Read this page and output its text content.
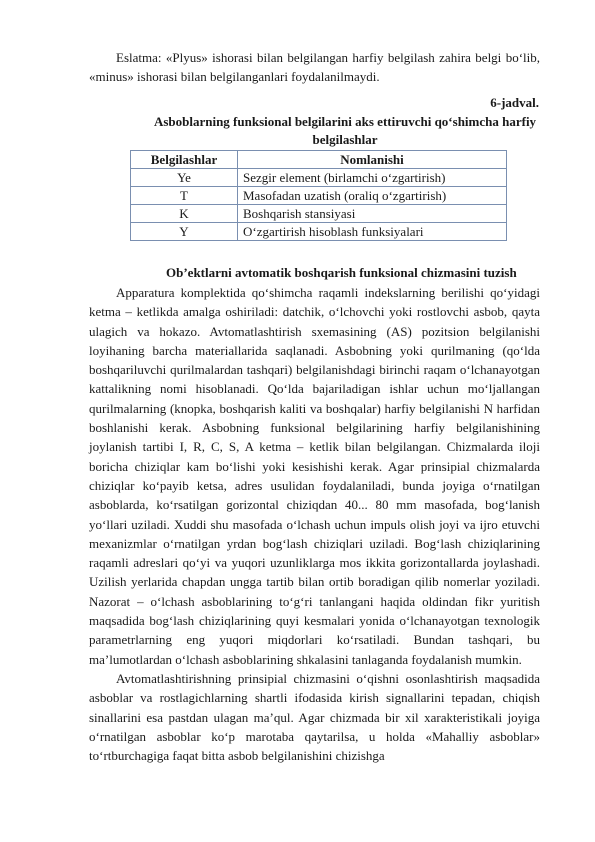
Eslatma: «Plyus» ishorasi bilan belgilangan harfiy belgilash zahira belgi bo‘lib, «minus» ishorasi bilan belgilanganlari foydalanilmaydi.

6-jadval.
Asboblarning funksional belgilarini aks ettiruvchi qo‘shimcha harfiy belgilashlar
Belgilashlar	Nomlanishi
Ye	Sezgir element (birlamchi o‘zgartirish)
T	Masofadan uzatish (oraliq o‘zgartirish)
K	Boshqarish stansiyasi
Y	O‘zgartirish hisoblash funksiyalari
Ob’ektlarni avtomatik boshqarish funksional chizmasini tuzish

Apparatura komplektida qo‘shimcha raqamli indekslarning berilishi qo‘yidagi ketma – ketlikda amalga oshiriladi: datchik, o‘lchovchi yoki rostlovchi asbob, qayta ulagich va hokazo. Avtomatlashtirish sxemasining (AS) pozitsion belgilanishi loyihaning barcha materiallarida saqlanadi. Asbobning yoki qurilmaning (qo‘lda boshqariluvchi qurilmalardan tashqari) belgilanishdagi birinchi raqam o‘lchanayotgan kattalikning nomi hisoblanadi. Qo‘lda bajariladigan ishlar uchun mo‘ljallangan qurilmalarning (knopka, boshqarish kaliti va boshqalar) harfiy belgilanishi N harfidan boshlanishi kerak. Asbobning funksional belgilarining harfiy belgilanishining joylanish tartibi I, R, C, S, A ketma – ketlik bilan belgilangan. Chizmalarda iloji boricha chiziqlar kam bo‘lishi yoki kesishishi kerak. Agar prinsipial chizmalarda chiziqlar ko‘payib ketsa, adres usulidan foydalaniladi, bunda joyiga o‘rnatilgan asboblarda, ko‘rsatilgan gorizontal chiziqdan 40... 80 mm masofada, bog‘lanish yo‘llari uziladi. Xuddi shu masofada o‘lchash uchun impuls olish joyi va ijro etuvchi mexanizmlar o‘rnatilgan yrdan bog‘lash chiziqlari uziladi. Bog‘lash chiziqlarining raqamli adreslari qo‘yi va yuqori uzunliklarga mos ikkita gorizontallarda joylashadi. Uzilish yerlarida chapdan ungga tartib bilan ortib boradigan qilib nomerlar yoziladi. Nazorat – o‘lchash asboblarining to‘g‘ri tanlangani haqida oldindan fikr yuritish maqsadida bog‘lash chiziqlarining quyi kesmalari yonida o‘lchanayotgan texnologik parametrlarning eng yuqori miqdorlari ko‘rsatiladi. Bundan tashqari, bu ma’lumotlardan o‘lchash asboblarining shkalasini tanlaganda foydalanish mumkin.

Avtomatlashtirishning prinsipial chizmasini o‘qishni osonlashtirish maqsadida asboblar va rostlagichlarning shartli ifodasida kirish signallarini tepadan, chiqish sinallarini esa pastdan ulagan ma’qul. Agar chizmada bir xil xarakteristikali joyiga o‘rnatilgan asboblar ko‘p marotaba qaytarilsa, u holda «Mahalliy asboblar» to‘rtburchagiga faqat bitta asbob belgilanishini chizishga
